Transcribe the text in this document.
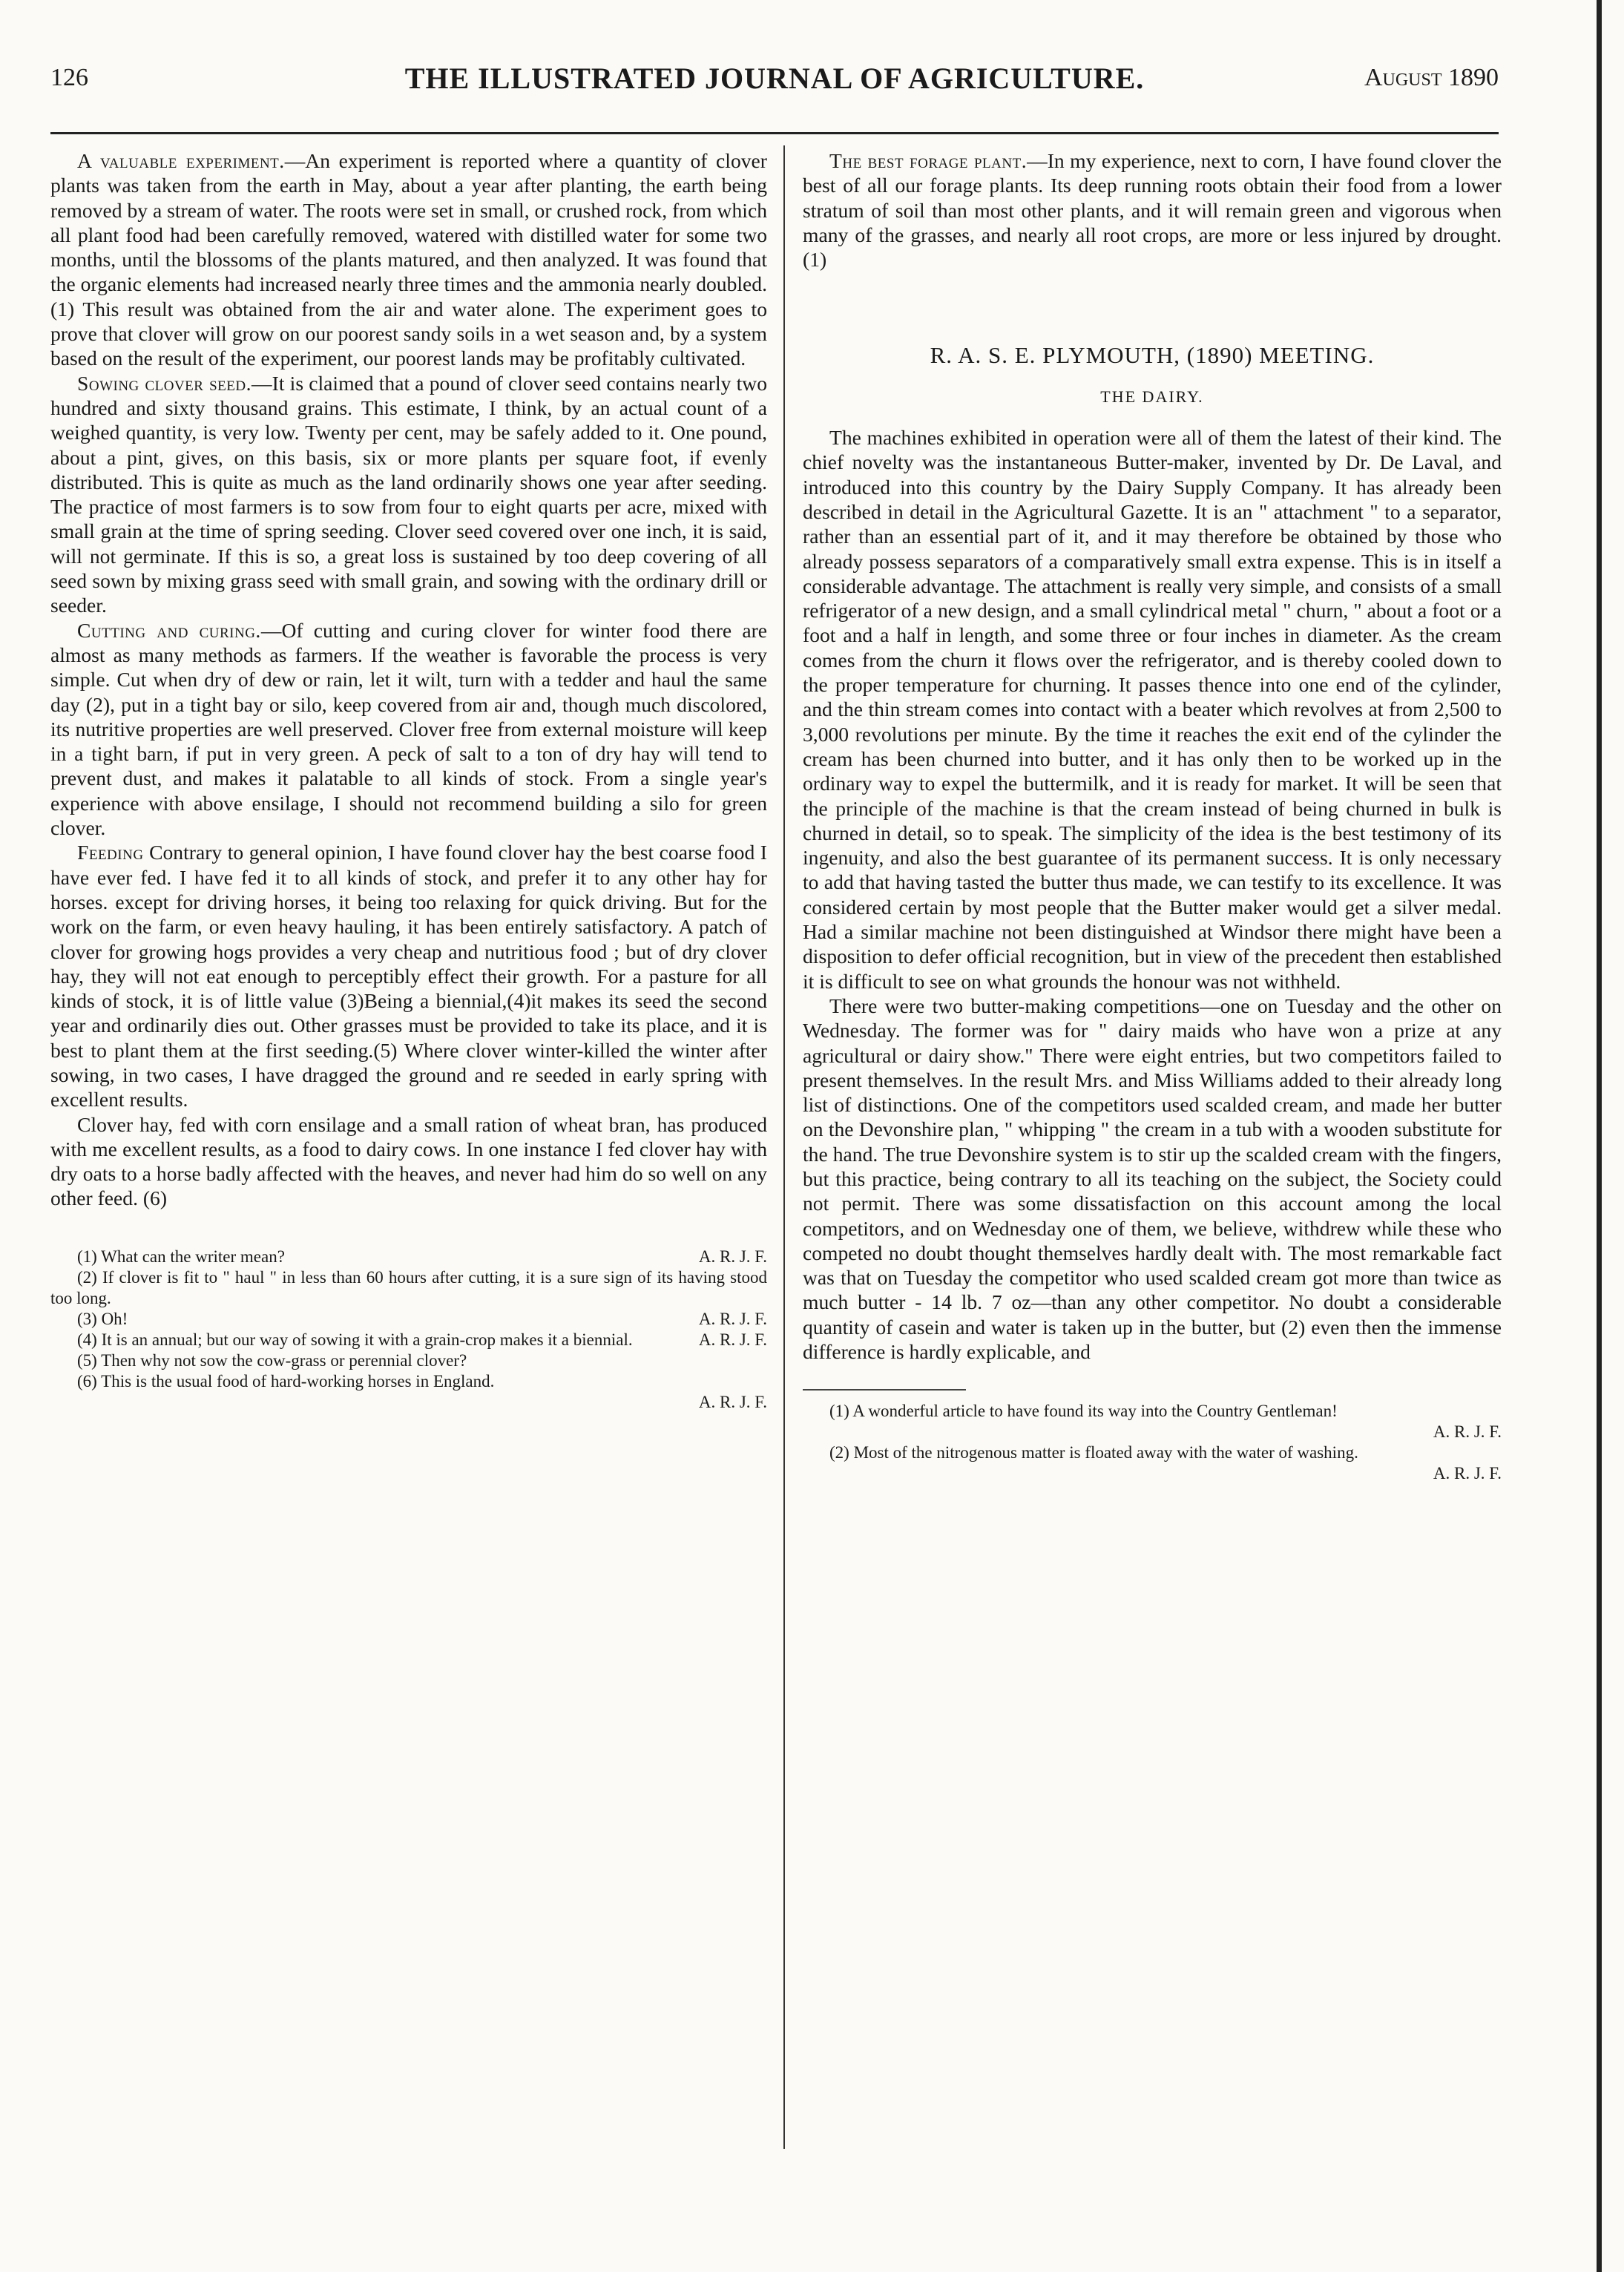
126	THE ILLUSTRATED JOURNAL OF AGRICULTURE.	August 1890

A valuable experiment.—An experiment is reported where a quantity of clover plants was taken from the earth in May, about a year after planting, the earth being removed by a stream of water. The roots were set in small, or crushed rock, from which all plant food had been carefully removed, watered with distilled water for some two months, until the blossoms of the plants matured, and then analyzed. It was found that the organic elements had increased nearly three times and the ammonia nearly doubled.(1) This result was obtained from the air and water alone. The experiment goes to prove that clover will grow on our poorest sandy soils in a wet season and, by a system based on the result of the experiment, our poorest lands may be profitably cultivated.

Sowing clover seed.—It is claimed that a pound of clover seed contains nearly two hundred and sixty thousand grains. This estimate, I think, by an actual count of a weighed quantity, is very low. Twenty per cent, may be safely added to it. One pound, about a pint, gives, on this basis, six or more plants per square foot, if evenly distributed. This is quite as much as the land ordinarily shows one year after seeding. The practice of most farmers is to sow from four to eight quarts per acre, mixed with small grain at the time of spring seeding. Clover seed covered over one inch, it is said, will not germinate. If this is so, a great loss is sustained by too deep covering of all seed sown by mixing grass seed with small grain, and sowing with the ordinary drill or seeder.

Cutting and curing.—Of cutting and curing clover for winter food there are almost as many methods as farmers. If the weather is favorable the process is very simple. Cut when dry of dew or rain, let it wilt, turn with a tedder and haul the same day (2), put in a tight bay or silo, keep covered from air and, though much discolored, its nutritive properties are well preserved. Clover free from external moisture will keep in a tight barn, if put in very green. A peck of salt to a ton of dry hay will tend to prevent dust, and makes it palatable to all kinds of stock. From a single year's experience with above ensilage, I should not recommend building a silo for green clover.

Feeding Contrary to general opinion, I have found clover hay the best coarse food I have ever fed. I have fed it to all kinds of stock, and prefer it to any other hay for horses. except for driving horses, it being too relaxing for quick driving. But for the work on the farm, or even heavy hauling, it has been entirely satisfactory. A patch of clover for growing hogs provides a very cheap and nutritious food ; but of dry clover hay, they will not eat enough to perceptibly effect their growth. For a pasture for all kinds of stock, it is of little value (3)Being a biennial,(4)it makes its seed the second year and ordinarily dies out. Other grasses must be provided to take its place, and it is best to plant them at the first seeding.(5) Where clover winter-killed the winter after sowing, in two cases, I have dragged the ground and re seeded in early spring with excellent results.

Clover hay, fed with corn ensilage and a small ration of wheat bran, has produced with me excellent results, as a food to dairy cows. In one instance I fed clover hay with dry oats to a horse badly affected with the heaves, and never had him do so well on any other feed. (6)

(1) What can the writer mean?	A. R. J. F.

(2) If clover is fit to " haul " in less than 60 hours after cutting, it is a sure sign of its having stood too long.

(3) Oh!	A. R. J. F.

(4) It is an annual; but our way of sowing it with a grain-crop makes it a biennial.	A. R. J. F.

(5) Then why not sow the cow-grass or perennial clover?

(6) This is the usual food of hard-working horses in England.
A. R. J. F.

The best forage plant.—In my experience, next to corn, I have found clover the best of all our forage plants. Its deep running roots obtain their food from a lower stratum of soil than most other plants, and it will remain green and vigorous when many of the grasses, and nearly all root crops, are more or less injured by drought. (1)

R. A. S. E. PLYMOUTH, (1890) MEETING.
THE DAIRY.

The machines exhibited in operation were all of them the latest of their kind. The chief novelty was the instantaneous Butter-maker, invented by Dr. De Laval, and introduced into this country by the Dairy Supply Company. It has already been described in detail in the Agricultural Gazette. It is an " attachment " to a separator, rather than an essential part of it, and it may therefore be obtained by those who already possess separators of a comparatively small extra expense. This is in itself a considerable advantage. The attachment is really very simple, and consists of a small refrigerator of a new design, and a small cylindrical metal " churn, " about a foot or a foot and a half in length, and some three or four inches in diameter. As the cream comes from the churn it flows over the refrigerator, and is thereby cooled down to the proper temperature for churning. It passes thence into one end of the cylinder, and the thin stream comes into contact with a beater which revolves at from 2,500 to 3,000 revolutions per minute. By the time it reaches the exit end of the cylinder the cream has been churned into butter, and it has only then to be worked up in the ordinary way to expel the buttermilk, and it is ready for market. It will be seen that the principle of the machine is that the cream instead of being churned in bulk is churned in detail, so to speak. The simplicity of the idea is the best testimony of its ingenuity, and also the best guarantee of its permanent success. It is only necessary to add that having tasted the butter thus made, we can testify to its excellence. It was considered certain by most people that the Butter maker would get a silver medal. Had a similar machine not been distinguished at Windsor there might have been a disposition to defer official recognition, but in view of the precedent then established it is difficult to see on what grounds the honour was not withheld.

There were two butter-making competitions—one on Tuesday and the other on Wednesday. The former was for " dairy maids who have won a prize at any agricultural or dairy show." There were eight entries, but two competitors failed to present themselves. In the result Mrs. and Miss Williams added to their already long list of distinctions. One of the competitors used scalded cream, and made her butter on the Devonshire plan, " whipping " the cream in a tub with a wooden substitute for the hand. The true Devonshire system is to stir up the scalded cream with the fingers, but this practice, being contrary to all its teaching on the subject, the Society could not permit. There was some dissatisfaction on this account among the local competitors, and on Wednesday one of them, we believe, withdrew while these who competed no doubt thought themselves hardly dealt with. The most remarkable fact was that on Tuesday the competitor who used scalded cream got more than twice as much butter - 14 lb. 7 oz—than any other competitor. No doubt a considerable quantity of casein and water is taken up in the butter, but (2) even then the immense difference is hardly explicable, and

(1) A wonderful article to have found its way into the Country Gentleman!
A. R. J. F.

(2) Most of the nitrogenous matter is floated away with the water of washing.
A. R. J. F.
